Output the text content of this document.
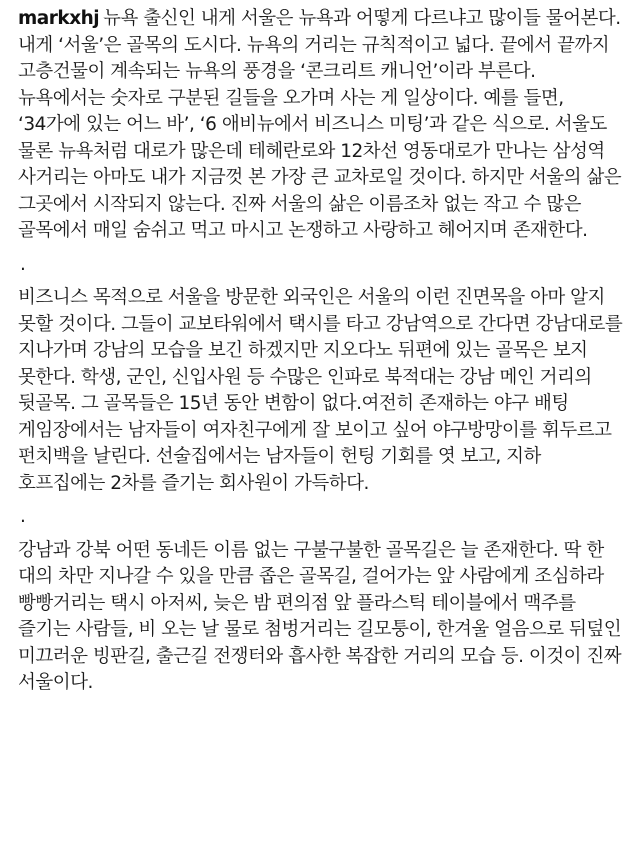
markxhj 뉴욕 출신인 내게 서울은 뉴욕과 어떻게 다르냐고 많이들 물어본다. 내게 ‘서울’은 골목의 도시다. 뉴욕의 거리는 규칙적이고 넓다. 끝에서 끝까지 고층건물이 계속되는 뉴욕의 풍경을 ‘콘크리트 캐니언’이라 부른다. 뉴욕에서는 숫자로 구분된 길들을 오가며 사는 게 일상이다. 예를 들면, ‘34가에 있는 어느 바’, ‘6 애비뉴에서 비즈니스 미팅’과 같은 식으로. 서울도 물론 뉴욕처럼 대로가 많은데 테헤란로와 12차선 영동대로가 만나는 삼성역 사거리는 아마도 내가 지금껏 본 가장 큰 교차로일 것이다. 하지만 서울의 삶은 그곳에서 시작되지 않는다. 진짜 서울의 삶은 이름조차 없는 작고 수 많은 골목에서 매일 숨쉬고 먹고 마시고 논쟁하고 사랑하고 헤어지며 존재한다.

.

비즈니스 목적으로 서울을 방문한 외국인은 서울의 이런 진면목을 아마 알지 못할 것이다. 그들이 교보타워에서 택시를 타고 강남역으로 간다면 강남대로를 지나가며 강남의 모습을 보긴 하겠지만 지오다노 뒤편에 있는 골목은 보지 못한다. 학생, 군인, 신입사원 등 수많은 인파로 북적대는 강남 메인 거리의 뒷골목. 그 골목들은 15년 동안 변함이 없다.여전히 존재하는 야구 배팅 게임장에서는 남자들이 여자친구에게 잘 보이고 싶어 야구방망이를 휘두르고 펀치백을 날린다. 선술집에서는 남자들이 헌팅 기회를 엿 보고, 지하 호프집에는 2차를 즐기는 회사원이 가득하다.

.

강남과 강북 어떤 동네든 이름 없는 구불구불한 골목길은 늘 존재한다. 딱 한 대의 차만 지나갈 수 있을 만큼 좁은 골목길, 걸어가는 앞 사람에게 조심하라 빵빵거리는 택시 아저씨, 늦은 밤 편의점 앞 플라스틱 테이블에서 맥주를 즐기는 사람들, 비 오는 날 물로 첨벙거리는 길모퉁이, 한겨울 얼음으로 뒤덮인 미끄러운 빙판길, 출근길 전쟁터와 흡사한 복잡한 거리의 모습 등. 이것이 진짜 서울이다.
